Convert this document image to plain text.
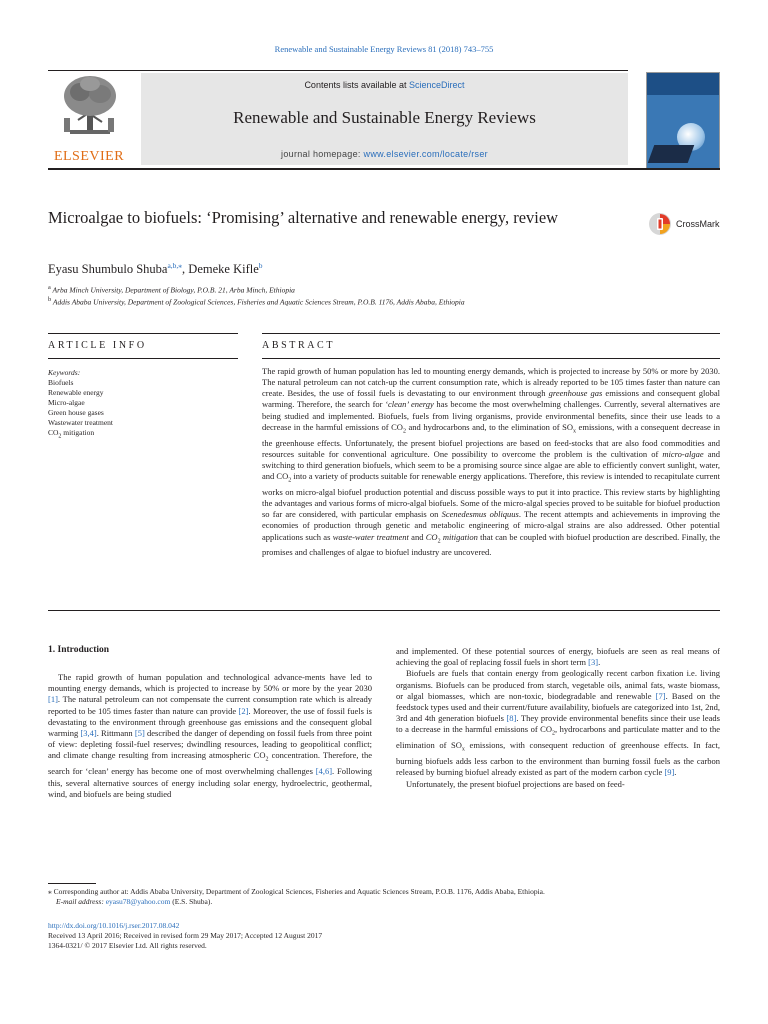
Renewable and Sustainable Energy Reviews 81 (2018) 743–755
ELSEVIER
Contents lists available at ScienceDirect
Renewable and Sustainable Energy Reviews
journal homepage: www.elsevier.com/locate/rser
Microalgae to biofuels: ‘Promising’ alternative and renewable energy, review	CrossMark
Eyasu Shumbulo Shuba$^{a,b,⁎}$, Demeke Kifle$^b$
$^a$ Arba Minch University, Department of Biology, P.O.B. 21, Arba Minch, Ethiopia
$^b$ Addis Ababa University, Department of Zoological Sciences, Fisheries and Aquatic Sciences Stream, P.O.B. 1176, Addis Ababa, Ethiopia
ARTICLE INFO	ABSTRACT
Keywords:
Biofuels
Renewable energy
Micro-algae
Green house gases
Wastewater treatment
$CO_2$ mitigation
The rapid growth of human population has led to mounting energy demands, which is projected to increase by 50% or more by 2030. The natural petroleum can not catch-up the current consumption rate, which is already reported to be 105 times faster than nature can create. Besides, the use of fossil fuels is devastating to our environment through greenhouse gas emissions and consequent global warming. Therefore, the search for ‘clean’ energy has become the most overwhelming challenges. Currently, several alternatives are being studied and implemented. Biofuels, fuels from living organisms, provide environmental benefits, since their use leads to a decrease in the harmful emissions of $CO_2$ and hydrocarbons and, to the elimination of $SO_x$ emissions, with a consequent decrease in the greenhouse effects. Unfortunately, the present biofuel projections are based on feed-stocks that are also food commodities and resources suitable for conventional agriculture. One possibility to overcome the problem is the cultivation of micro-algae and switching to third generation biofuels, which seem to be a promising source since algae are able to efficiently convert sunlight, water, and $CO_2$ into a variety of products suitable for renewable energy applications. Therefore, this review is intended to recapitulate current works on micro-algal biofuel production potential and discuss possible ways to put it into practice. This review starts by highlighting the advantages and various forms of micro-algal biofuels. Some of the micro-algal species proved to be suitable for biofuel production so far are considered, with particular emphasis on Scenedesmus obliquus. The recent attempts and achievements in improving the economies of production through genetic and metabolic engineering of micro-algal strains are also addressed. Other potential applications such as waste-water treatment and $CO_2$ mitigation that can be coupled with biofuel production are described. Finally, the promises and challenges of algae to biofuel industry are uncovered.
1. Introduction

The rapid growth of human population and technological advance-ments have led to mounting energy demands, which is projected to increase by 50% or more by the year 2030 [1]. The natural petroleum can not compensate the current consumption rate which is already reported to be 105 times faster than nature can provide [2]. Moreover, the use of fossil fuels is devastating to the environment through greenhouse gas emissions and the consequent global warming [3,4]. Rittmann [5] described the danger of depending on fossil fuels from three point of view: depleting fossil-fuel reserves; dwindling resources, leading to geopolitical conflict; and climate change resulting from increasing atmospheric $CO_2$ concentration. Therefore, the search for ‘clean’ energy has become one of most overwhelming challenges [4,6]. Following this, several alternative sources of energy including solar energy, hydroelectric, geothermal, wind, and biofuels are being studied

and implemented. Of these potential sources of energy, biofuels are seen as real means of achieving the goal of replacing fossil fuels in short term [3].

Biofuels are fuels that contain energy from geologically recent carbon fixation i.e. living organisms. Biofuels can be produced from starch, vegetable oils, animal fats, waste biomass, or algal biomasses, which are non-toxic, biodegradable and renewable [7]. Based on the feedstock types used and their current/future availability, biofuels are categorized into 1st, 2nd, 3rd and 4th generation biofuels [8]. They provide environmental benefits since their use leads to a decrease in the harmful emissions of $CO_2$, hydrocarbons and particulate matter and to the elimination of $SO_x$ emissions, with consequent reduction of greenhouse effects. In fact, burning biofuels adds less carbon to the environment than burning fossil fuels as the carbon released by burning biofuel already existed as part of the modern carbon cycle [9].

Unfortunately, the present biofuel projections are based on feed-

⁎ Corresponding author at: Addis Ababa University, Department of Zoological Sciences, Fisheries and Aquatic Sciences Stream, P.O.B. 1176, Addis Ababa, Ethiopia.
E-mail address: eyasu78@yahoo.com (E.S. Shuba).
http://dx.doi.org/10.1016/j.rser.2017.08.042
Received 13 April 2016; Received in revised form 29 May 2017; Accepted 12 August 2017
1364-0321/ © 2017 Elsevier Ltd. All rights reserved.
